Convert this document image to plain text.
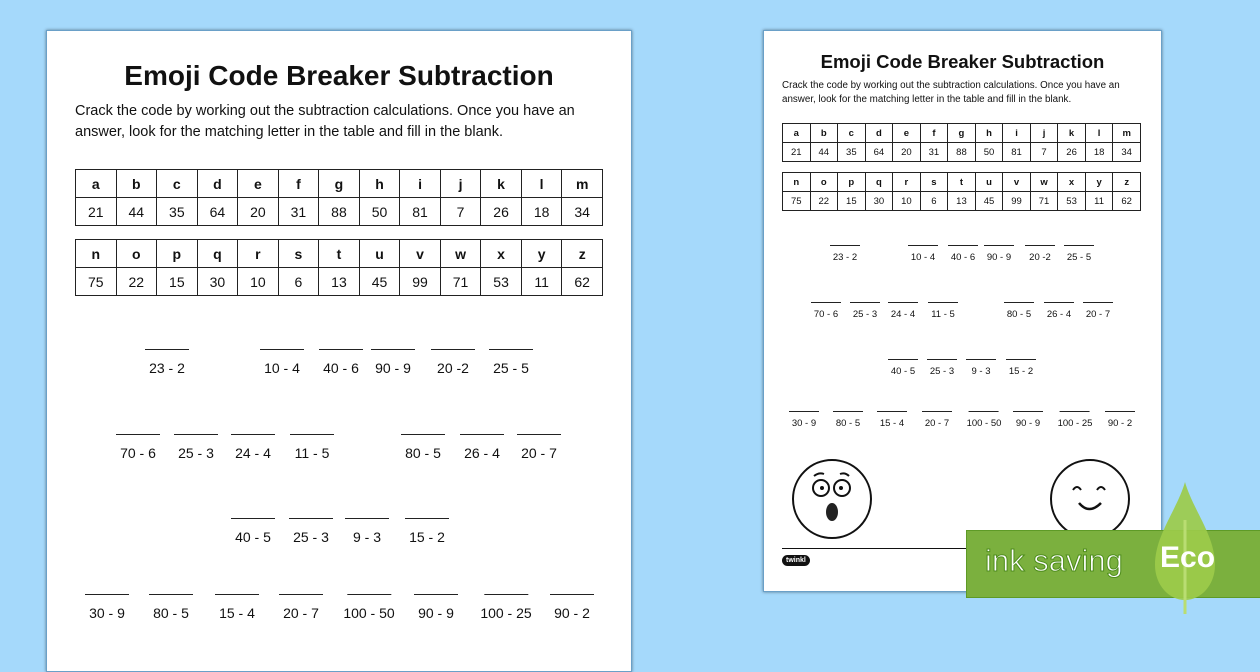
Emoji Code Breaker Subtraction
Crack the code by working out the subtraction calculations. Once you have an answer, look for the matching letter in the table and fill in the blank.
a	b	c	d	e	f	g	h	i	j	k	l	m
21	44	35	64	20	31	88	50	81	7	26	18	34
n	o	p	q	r	s	t	u	v	w	x	y	z
75	22	15	30	10	6	13	45	99	71	53	11	62
23 - 2	10 - 4 40 - 6 90 - 9	20 -2	25 - 5
70 - 6 25 - 3 24 - 4	11 - 5	80 - 5 26 - 4 20 - 7
40 - 5 25 - 3	9 - 3	15 - 2
30 - 9 80 - 5 15 - 4 20 - 7 100 - 50 90 - 9 100 - 25 90 - 2
Emoji Code Breaker Subtraction
Crack the code by working out the subtraction calculations. Once you have an answer, look for the matching letter in the table and fill in the blank.
twinkl
a	b	c	d	e	f	g	h	i	j	k	l	m
21	44	35	64	20	31	88	50	81	7	26	18	34
n	o	p	q	r	s	t	u	v	w	x	y	z
75	22	15	30	10	6	13	45	99	71	53	11	62
23 - 2	10 - 4	40 - 6	90 - 9	20 -2	25 - 5
70 - 6	25 - 3	24 - 4	11 - 5	80 - 5	26 - 4	20 - 7
40 - 5	25 - 3	9 - 3	15 - 2
30 - 9	80 - 5	15 - 4	20 - 7	100 - 50 90 - 9	100 - 25 90 - 2
ink saving Eco
